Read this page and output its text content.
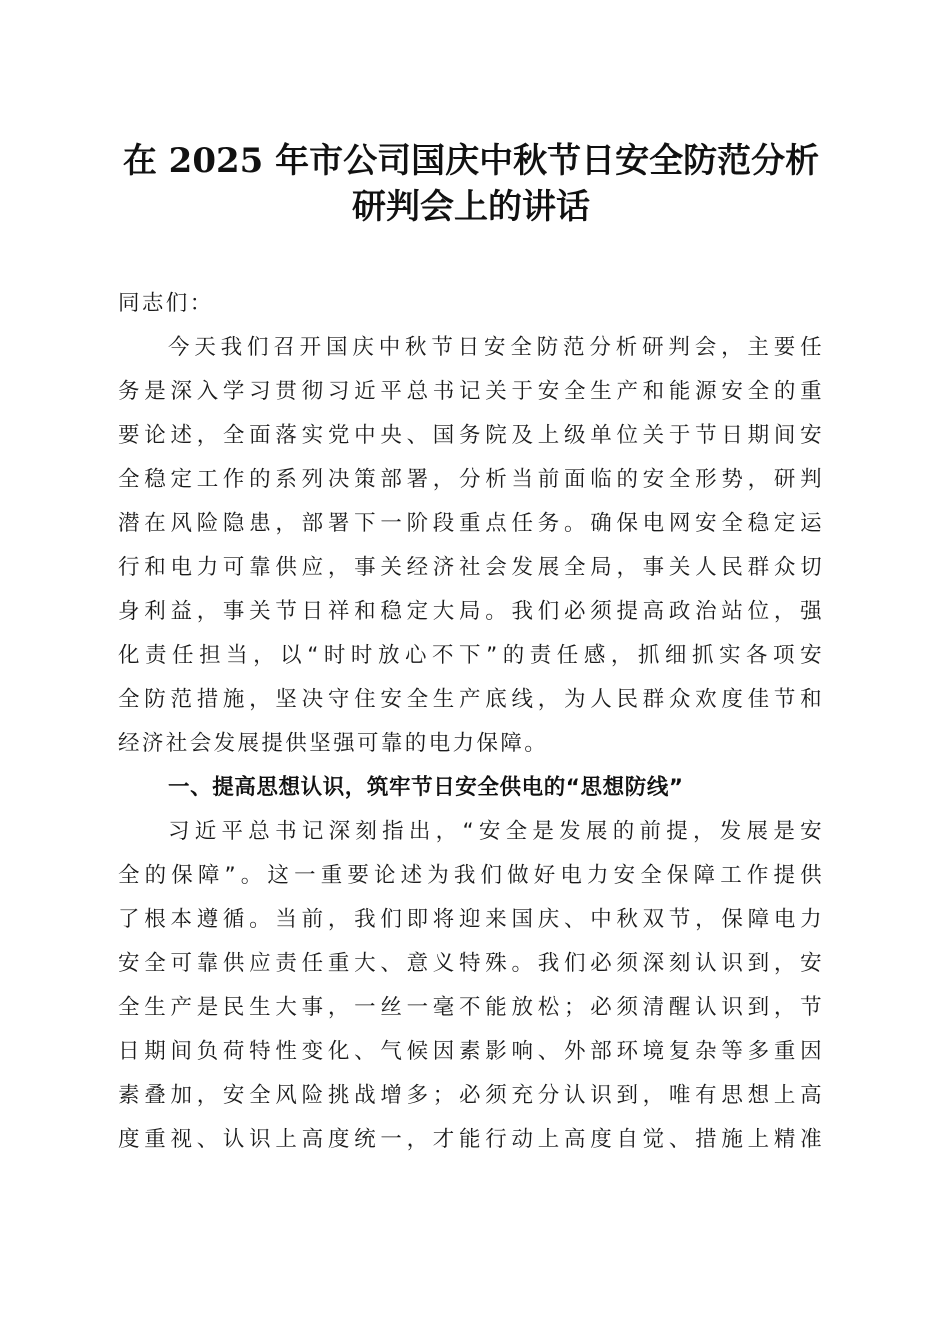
在 2025 年市公司国庆中秋节日安全防范分析
研判会上的讲话
同志们：
今天我们召开国庆中秋节日安全防范分析研判会，主要任
务是深入学习贯彻习近平总书记关于安全生产和能源安全的重
要论述，全面落实党中央、国务院及上级单位关于节日期间安
全稳定工作的系列决策部署，分析当前面临的安全形势，研判
潜在风险隐患，部署下一阶段重点任务。确保电网安全稳定运
行和电力可靠供应，事关经济社会发展全局，事关人民群众切
身利益，事关节日祥和稳定大局。我们必须提高政治站位，强
化责任担当，以“时时放心不下”的责任感，抓细抓实各项安
全防范措施，坚决守住安全生产底线，为人民群众欢度佳节和
经济社会发展提供坚强可靠的电力保障。
一、提高思想认识，筑牢节日安全供电的“思想防线”
习近平总书记深刻指出，“安全是发展的前提，发展是安
全的保障”。这一重要论述为我们做好电力安全保障工作提供
了根本遵循。当前，我们即将迎来国庆、中秋双节，保障电力
安全可靠供应责任重大、意义特殊。我们必须深刻认识到，安
全生产是民生大事，一丝一毫不能放松；必须清醒认识到，节
日期间负荷特性变化、气候因素影响、外部环境复杂等多重因
素叠加，安全风险挑战增多；必须充分认识到，唯有思想上高
度重视、认识上高度统一，才能行动上高度自觉、措施上精准
